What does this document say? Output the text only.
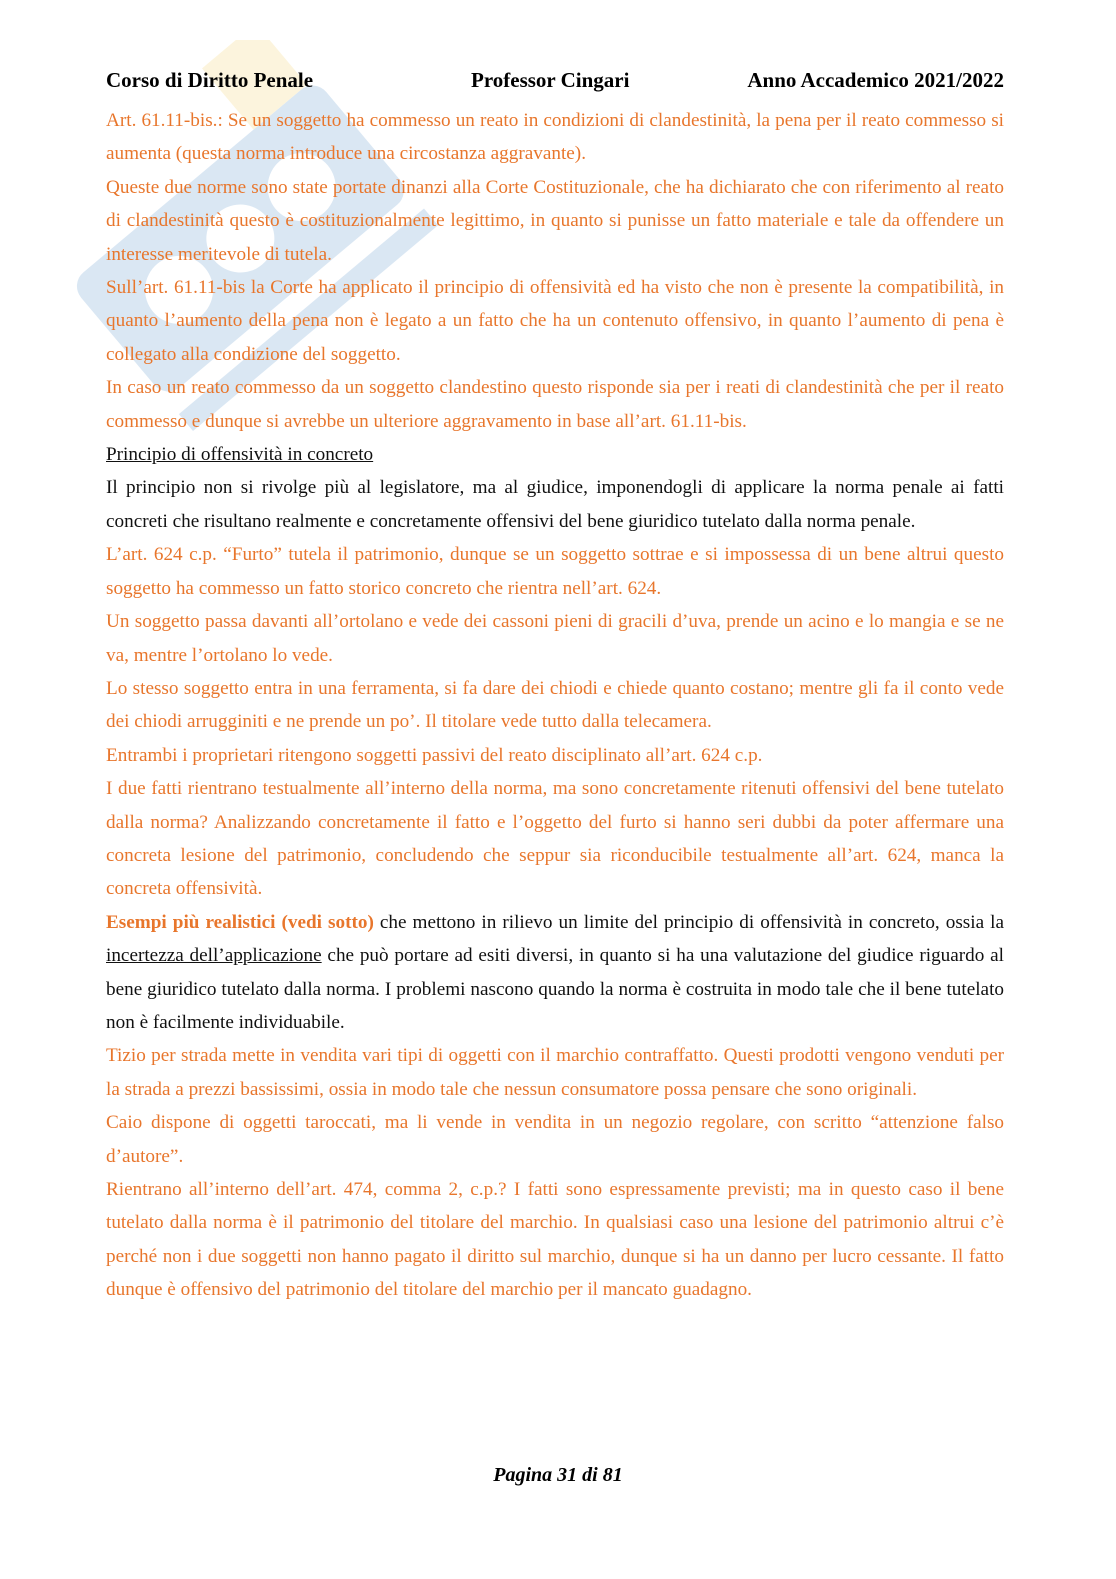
Corso di Diritto Penale	Professor Cingari	Anno Accademico 2021/2022

Art. 61.11-bis.: Se un soggetto ha commesso un reato in condizioni di clandestinità, la pena per il reato commesso si aumenta (questa norma introduce una circostanza aggravante).

Queste due norme sono state portate dinanzi alla Corte Costituzionale, che ha dichiarato che con riferimento al reato di clandestinità questo è costituzionalmente legittimo, in quanto si punisse un fatto materiale e tale da offendere un interesse meritevole di tutela.

Sull’art. 61.11-bis la Corte ha applicato il principio di offensività ed ha visto che non è presente la compatibilità, in quanto l’aumento della pena non è legato a un fatto che ha un contenuto offensivo, in quanto l’aumento di pena è collegato alla condizione del soggetto.

In caso un reato commesso da un soggetto clandestino questo risponde sia per i reati di clandestinità che per il reato commesso e dunque si avrebbe un ulteriore aggravamento in base all’art. 61.11-bis.

Principio di offensività in concreto

Il principio non si rivolge più al legislatore, ma al giudice, imponendogli di applicare la norma penale ai fatti concreti che risultano realmente e concretamente offensivi del bene giuridico tutelato dalla norma penale.

L’art. 624 c.p. “Furto” tutela il patrimonio, dunque se un soggetto sottrae e si impossessa di un bene altrui questo soggetto ha commesso un fatto storico concreto che rientra nell’art. 624.

Un soggetto passa davanti all’ortolano e vede dei cassoni pieni di gracili d’uva, prende un acino e lo mangia e se ne va, mentre l’ortolano lo vede.

Lo stesso soggetto entra in una ferramenta, si fa dare dei chiodi e chiede quanto costano; mentre gli fa il conto vede dei chiodi arrugginiti e ne prende un po’. Il titolare vede tutto dalla telecamera.

Entrambi i proprietari ritengono soggetti passivi del reato disciplinato all’art. 624 c.p.

I due fatti rientrano testualmente all’interno della norma, ma sono concretamente ritenuti offensivi del bene tutelato dalla norma? Analizzando concretamente il fatto e l’oggetto del furto si hanno seri dubbi da poter affermare una concreta lesione del patrimonio, concludendo che seppur sia riconducibile testualmente all’art. 624, manca la concreta offensività.

Esempi più realistici (vedi sotto) che mettono in rilievo un limite del principio di offensività in concreto, ossia la incertezza dell’applicazione che può portare ad esiti diversi, in quanto si ha una valutazione del giudice riguardo al bene giuridico tutelato dalla norma. I problemi nascono quando la norma è costruita in modo tale che il bene tutelato non è facilmente individuabile.

Tizio per strada mette in vendita vari tipi di oggetti con il marchio contraffatto. Questi prodotti vengono venduti per la strada a prezzi bassissimi, ossia in modo tale che nessun consumatore possa pensare che sono originali.

Caio dispone di oggetti taroccati, ma li vende in vendita in un negozio regolare, con scritto “attenzione falso d’autore”.

Rientrano all’interno dell’art. 474, comma 2, c.p.? I fatti sono espressamente previsti; ma in questo caso il bene tutelato dalla norma è il patrimonio del titolare del marchio. In qualsiasi caso una lesione del patrimonio altrui c’è perché non i due soggetti non hanno pagato il diritto sul marchio, dunque si ha un danno per lucro cessante. Il fatto dunque è offensivo del patrimonio del titolare del marchio per il mancato guadagno.

Pagina 31 di 81
